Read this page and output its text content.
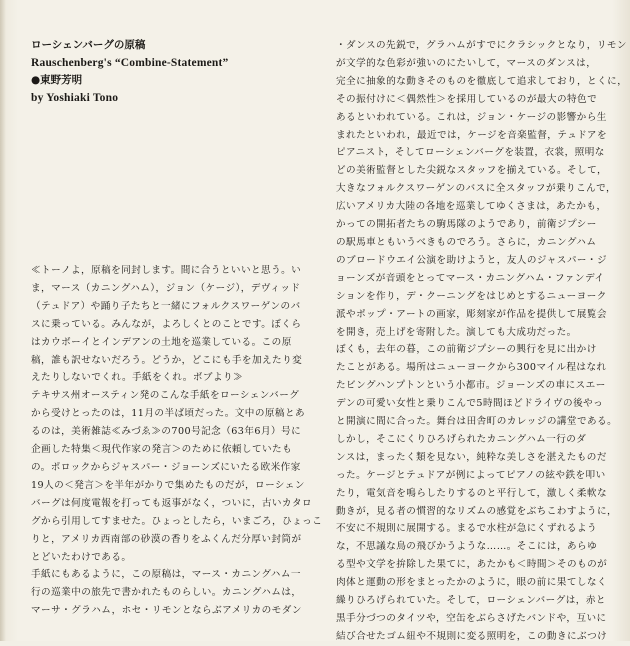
ローシェンバーグの原稿
Rauschenberg's “Combine-Statement”
●東野芳明
by Yoshiaki Tono
≪トーノよ，原稿を同封します。間に合うといいと思う。い
ま，マース（カニングハム），ジョン（ケージ），デヴィッド
（テュドア）や踊り子たちと一緒にフォルクスワーゲンのバ
スに乗っている。みんなが，よろしくとのことです。ぼくら
はカウボーイとインデアンの土地を巡業している。この原
稿，誰も訳せないだろう。どうか，どこにも手を加えたり変
えたりしないでくれ。手紙をくれ。ボブより≫
テキサス州オースティン発のこんな手紙をローシェンバーグ
から受けとったのは，11月の半ば頃だった。文中の原稿とあ
るのは，美術雑誌≪みづゑ≫の700号記念（63年6月）号に
企画した特集＜現代作家の発言＞のために依頼していたも
の。ポロックからジャスパー・ジョーンズにいたる欧米作家
19人の＜発言＞を半年がかりで集めたものだが，ローシェン
バーグは何度電報を打っても返事がなく，ついに，古いカタロ
グから引用してすませた。ひょっとしたら，いまごろ，ひょっこ
りと，アメリカ西南部の砂漠の香りをふくんだ分厚い封筒が
とどいたわけである。
手紙にもあるように，この原稿は，マース・カニングハム一
行の巡業中の旅先で書かれたものらしい。カニングハムは，
マーサ・グラハム，ホセ・リモンとならぶアメリカのモダン
・ダンスの先鋭で，グラハムがすでにクラシックとなり，リモン
が文学的な色彩が強いのにたいして，マースのダンスは，
完全に抽象的な動きそのものを徹底して追求しており，とくに，
その振付けに＜偶然性＞を採用しているのが最大の特色で
あるといわれている。これは，ジョン・ケージの影響から生
まれたといわれ，最近では，ケージを音楽監督，テュドアを
ピアニスト，そしてローシェンバーグを装置，衣裳，照明な
どの美術監督とした尖鋭なスタッフを揃えている。そして，
大きなフォルクスワーゲンのバスに全スタッフが乗りこんで，
広いアメリカ大陸の各地を巡業してゆくさまは，あたかも，
かっての開拓者たちの駒馬隊のようであり，前衛ジプシー
の駅馬車ともいうべきものでろう。さらに，カニングハム
のブロードウエイ公演を助けようと，友人のジャスパー・ジ
ョーンズが音頭をとってマース・カニングハム・ファンデイ
ションを作り，デ・クーニングをはじめとするニューヨーク
派やポップ・アートの画家，彫刻家が作品を提供して展覧会
を開き，売上げを寄附した。演しても大成功だった。
ぼくも，去年の暮，この前衛ジプシーの興行を見に出かけ
たことがある。場所はニューヨークから300マイル程はなれ
たビングハンプトンという小都市。ジョーンズの車にスエー
デンの可愛い女性と乗りこんで5時間ほどドライヴの後やっ
と開演に間に合った。舞台は田舎町のカレッジの講堂である。
しかし，そこにくりひろげられたカニングハム一行のダ
ンスは，まったく類を見ない，純粋な美しさを湛えたものだ
った。ケージとテュドアが例によってピアノの絃や鉄を叩い
たり，電気音を鳴らしたりするのと平行して，激しく柔軟な
動きが，見る者の慣習的なリズムの感覚をぶちこわすように，
不安に不規則に展開する。まるで水柱が急にくずれるよう
な，不思議な鳥の飛びかうような……。そこには，あらゆ
る型や文学を拚除した果てに，あたかも＜時間＞そのものが
肉体と運動の形をまとったかのように，眼の前に果てしなく
繰りひろげられていた。そして，ローシェンバーグは，赤と
黒手分づつのタイツや，空缶をぶらさげたバンドや，互いに
結び合せたゴム紐や不規則に変る照明を，この動きにぶつけ
